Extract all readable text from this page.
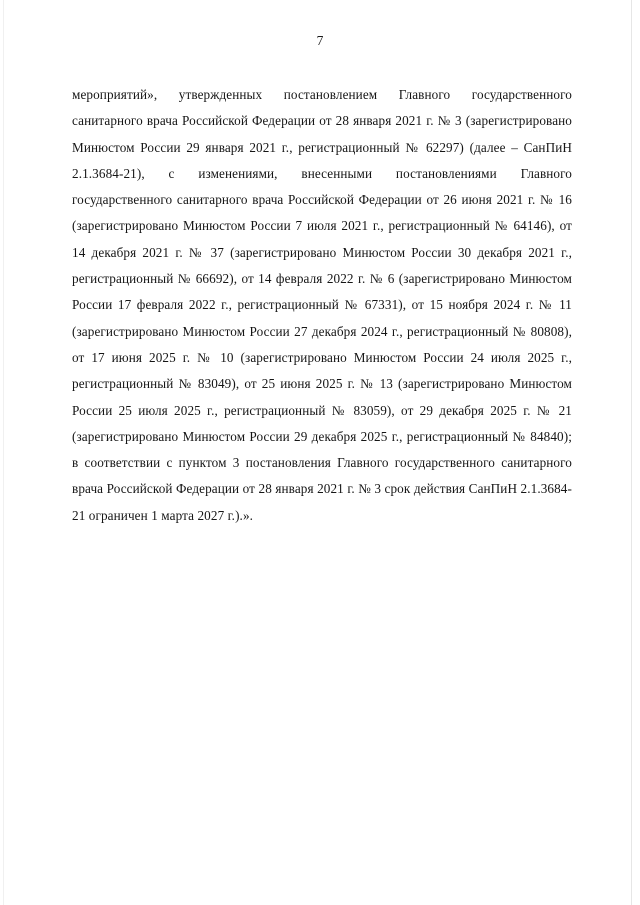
7

мероприятий», утвержденных постановлением Главного государственного санитарного врача Российской Федерации от 28 января 2021 г. № 3 (зарегистрировано Минюстом России 29 января 2021 г., регистрационный № 62297) (далее – СанПиН 2.1.3684-21), с изменениями, внесенными постановлениями Главного государственного санитарного врача Российской Федерации от 26 июня 2021 г. № 16 (зарегистрировано Минюстом России 7 июля 2021 г., регистрационный № 64146), от 14 декабря 2021 г. № 37 (зарегистрировано Минюстом России 30 декабря 2021 г., регистрационный № 66692), от 14 февраля 2022 г. № 6 (зарегистрировано Минюстом России 17 февраля 2022 г., регистрационный № 67331), от 15 ноября 2024 г. № 11 (зарегистрировано Минюстом России 27 декабря 2024 г., регистрационный № 80808), от 17 июня 2025 г. № 10 (зарегистрировано Минюстом России 24 июля 2025 г., регистрационный № 83049), от 25 июня 2025 г. № 13 (зарегистрировано Минюстом России 25 июля 2025 г., регистрационный № 83059), от 29 декабря 2025 г. № 21 (зарегистрировано Минюстом России 29 декабря 2025 г., регистрационный № 84840); в соответствии с пунктом 3 постановления Главного государственного санитарного врача Российской Федерации от 28 января 2021 г. № 3 срок действия СанПиН 2.1.3684-21 ограничен 1 марта 2027 г.).».
